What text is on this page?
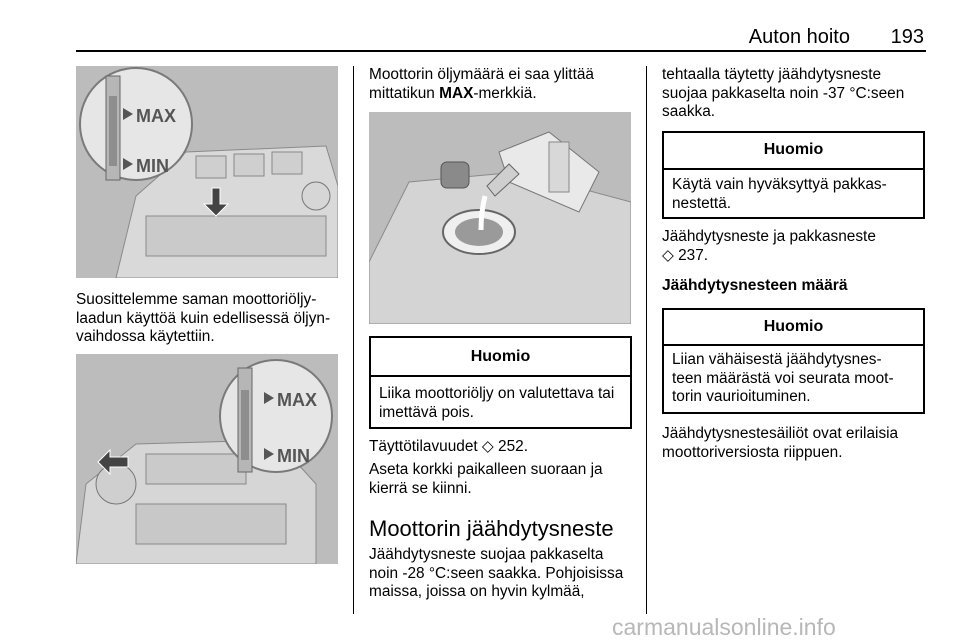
Auton hoito	193
MAX
MIN
Suosittelemme saman moottoriöljy-
laadun käyttöä kuin edellisessä öljyn-
vaihdossa käytettiin.
MAX
MIN
Moottorin öljymäärä ei saa ylittää
mittatikun MAX-merkkiä.
Huomio
Liika moottoriöljy on valutettava tai
imettävä pois.
Täyttötilavuudet ◇ 252.
Aseta korkki paikalleen suoraan ja
kierrä se kiinni.
Moottorin jäähdytysneste
Jäähdytysneste suojaa pakkaselta
noin -28 °C:seen saakka. Pohjoisissa
maissa, joissa on hyvin kylmää,
tehtaalla täytetty jäähdytysneste
suojaa pakkaselta noin -37 °C:seen
saakka.
Huomio
Käytä vain hyväksyttyä pakkas-
nestettä.
Jäähdytysneste ja pakkasneste
◇ 237.
Jäähdytysnesteen määrä
Huomio
Liian vähäisestä jäähdytysnes-
teen määrästä voi seurata moot-
torin vaurioituminen.
Jäähdytysnestesäiliöt ovat erilaisia
moottoriversiosta riippuen.
carmanualsonline.info
